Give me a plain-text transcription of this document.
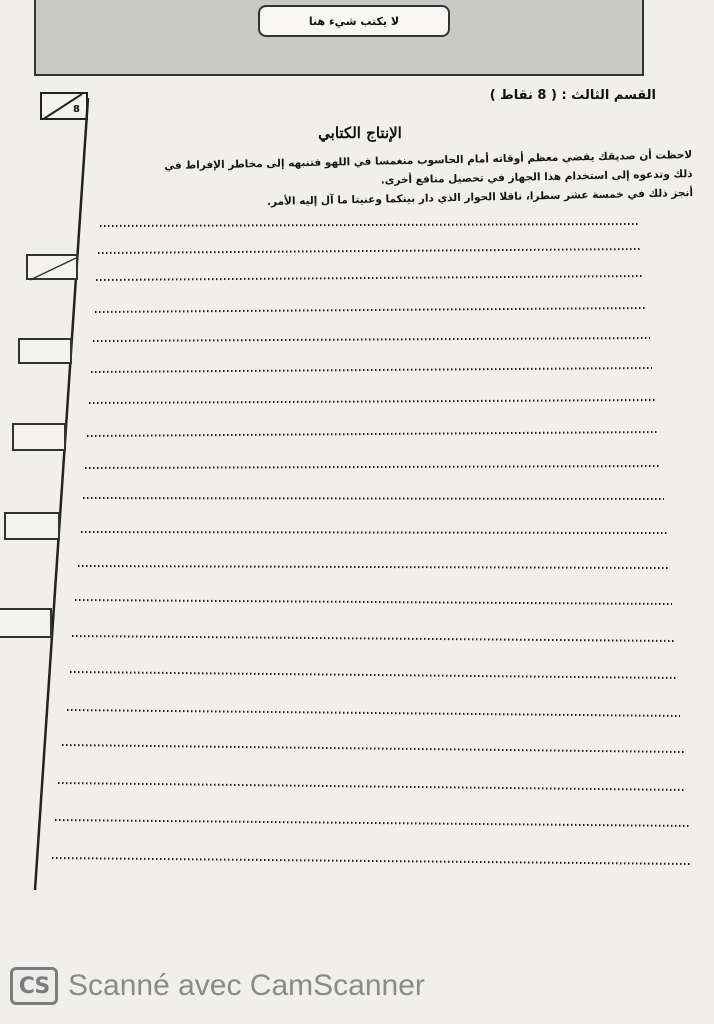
لا يكتب شيء هنا
8
القسم الثالث : ( 8 نقاط )
الإنتاج الكتابي
لاحظت أن صديقك يقضي معظم أوقاته أمام الحاسوب منغمسا في اللهو فتنبهه إلى مخاطر الإفراط في
ذلك وتدعوه إلى استخدام هذا الجهاز في تحصيل منافع أخرى.
أنجز ذلك في خمسة عشر سطرا، ناقلا الحوار الذي دار بينكما وعنيتا ما آل إليه الأمر.
CS Scanné avec CamScanner
